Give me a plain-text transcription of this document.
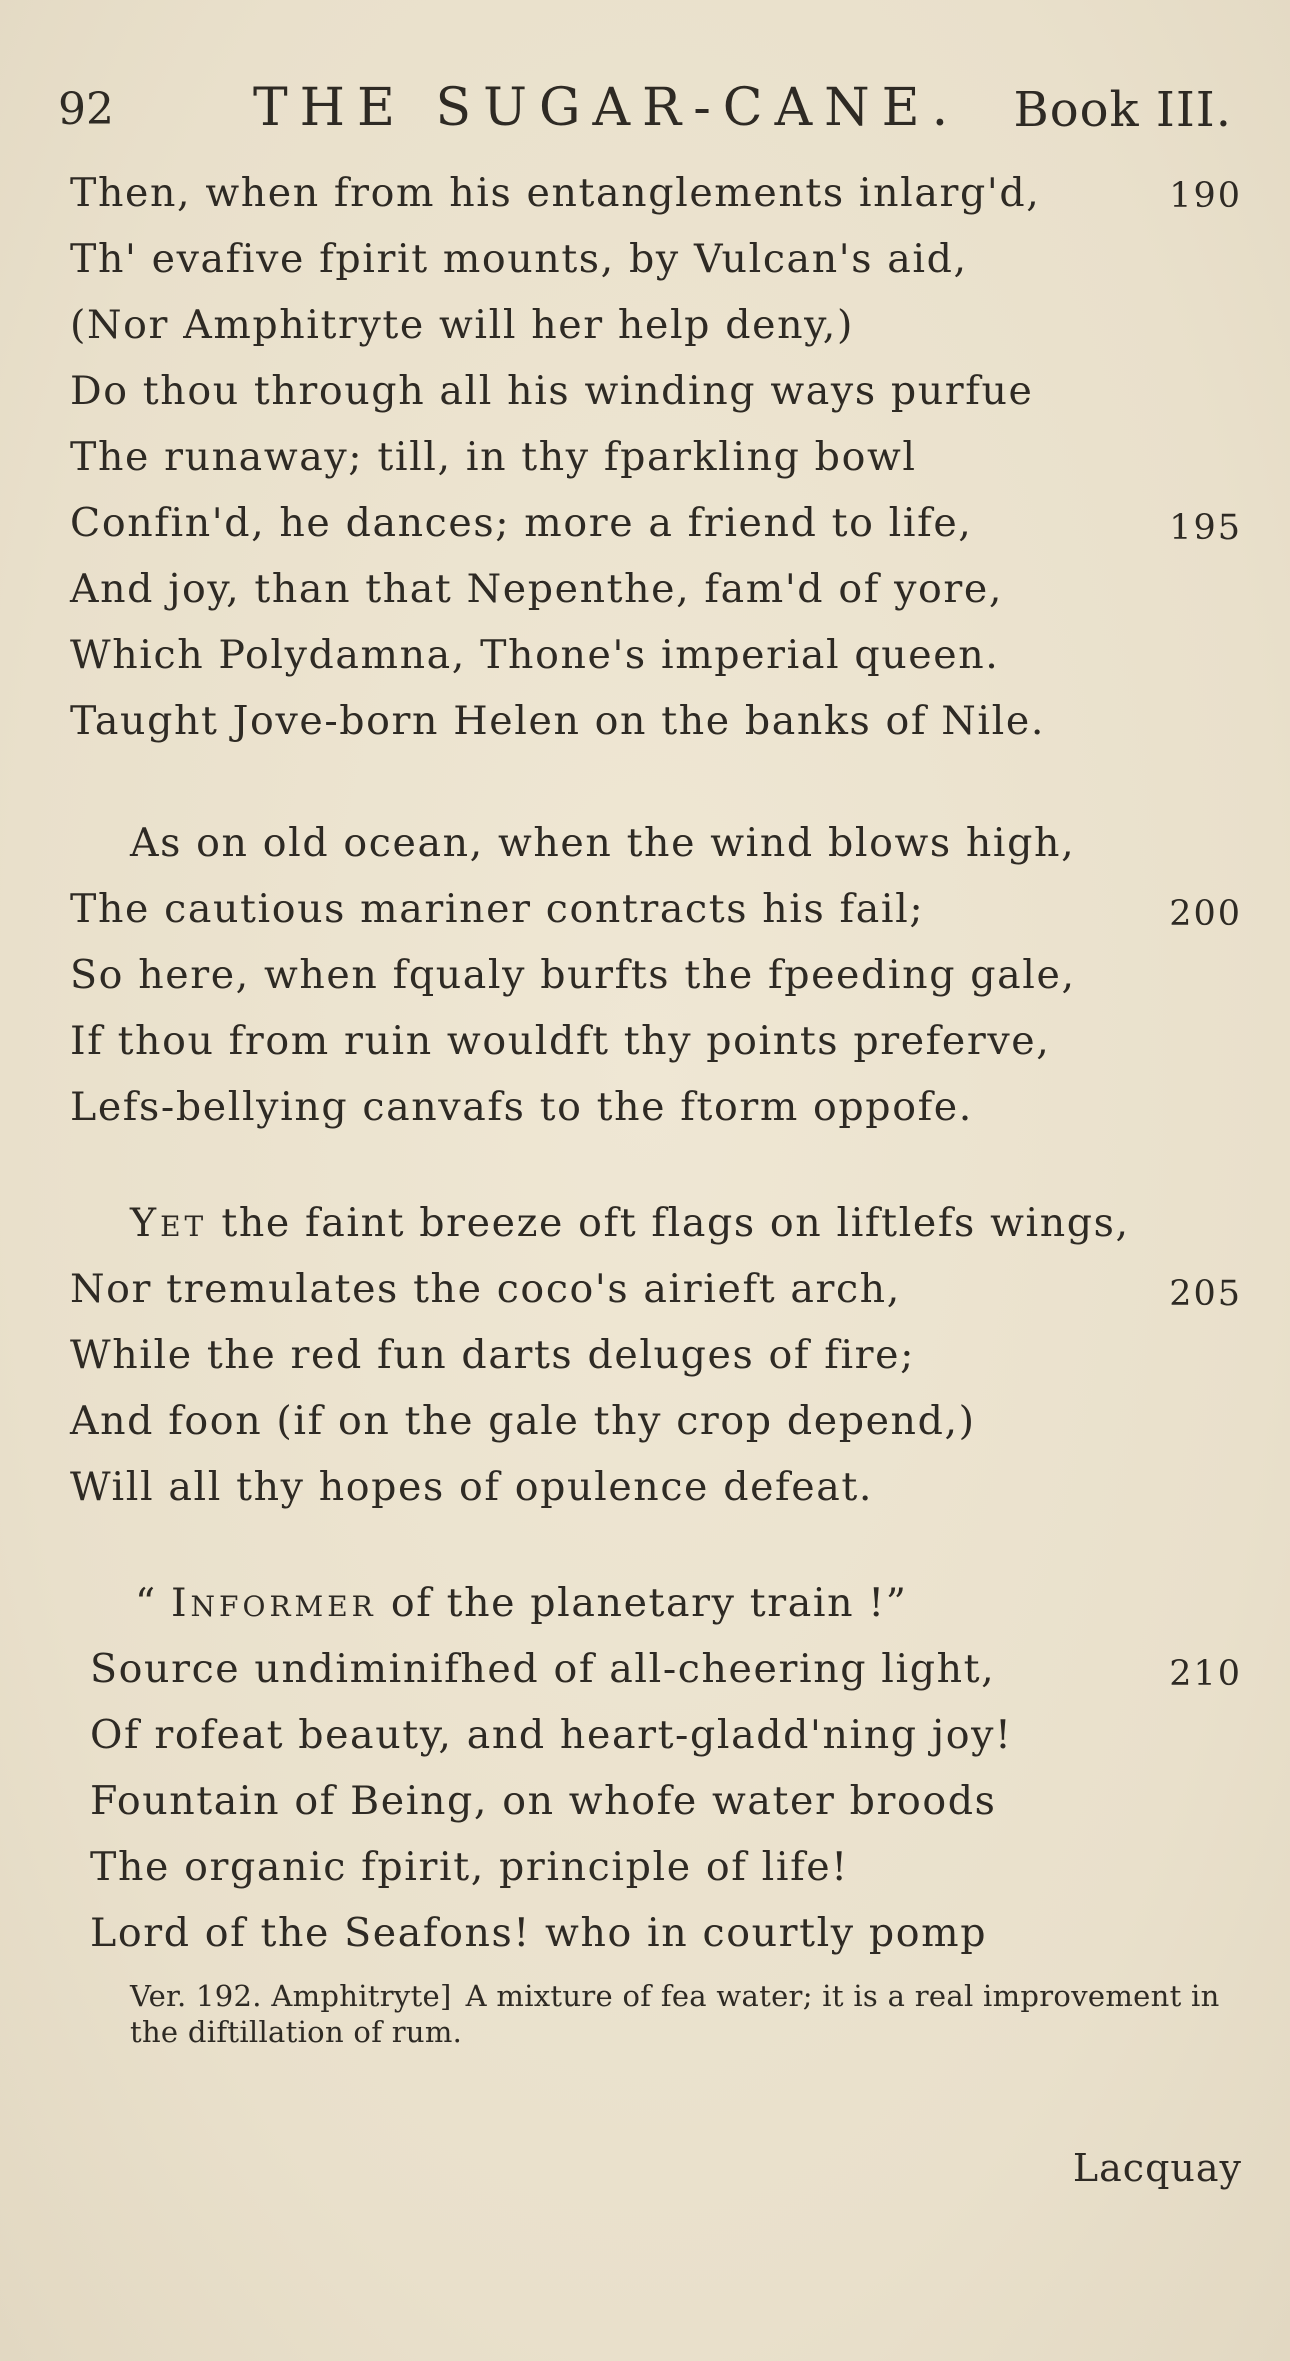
92	THE SUGAR-CANE. Book III.
Then, when from his entanglements inlarg'd,	190
Th' evafive fpirit mounts, by Vulcan's aid,
(Nor Amphitryte will her help deny,)
Do thou through all his winding ways purfue
The runaway; till, in thy fparkling bowl
Confin'd, he dances; more a friend to life,	195
And joy, than that Nepenthe, fam'd of yore,
Which Polydamna, Thone's imperial queen.
Taught Jove-born Helen on the banks of Nile.
As on old ocean, when the wind blows high,
The cautious mariner contracts his fail;	200
So here, when fqualy burfts the fpeeding gale,
If thou from ruin wouldft thy points preferve,
Lefs-bellying canvafs to the ftorm oppofe.
Yet the faint breeze oft flags on liftlefs wings,
Nor tremulates the coco's airieft arch,	205
While the red fun darts deluges of fire;
And foon (if on the gale thy crop depend,)
Will all thy hopes of opulence defeat.
“ Informer of the planetary train !”
Source undiminifhed of all-cheering light,	210
Of rofeat beauty, and heart-gladd'ning joy!
Fountain of Being, on whofe water broods
The organic fpirit, principle of life!
Lord of the Seafons! who in courtly pomp
Ver. 192. Amphitryte] A mixture of fea water; it is a real improvement in the diftillation of rum.
Lacquay
